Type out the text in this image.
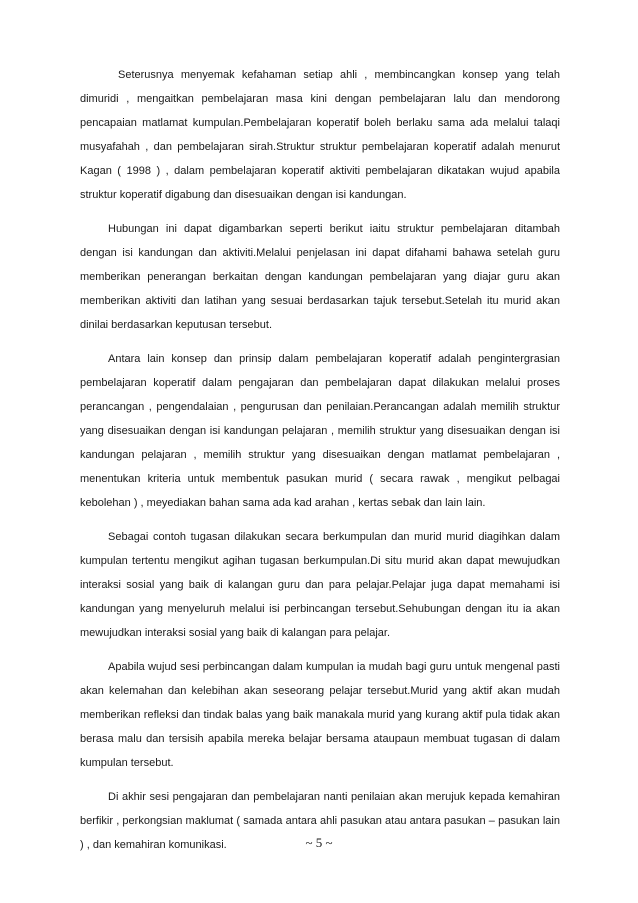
Seterusnya menyemak kefahaman setiap ahli , membincangkan konsep yang telah dimuridi , mengaitkan pembelajaran masa kini dengan pembelajaran lalu dan mendorong pencapaian matlamat kumpulan.Pembelajaran koperatif boleh berlaku sama ada melalui talaqi musyafahah , dan pembelajaran sirah.Struktur struktur pembelajaran koperatif adalah menurut Kagan ( 1998 ) , dalam pembelajaran koperatif aktiviti pembelajaran dikatakan wujud apabila struktur koperatif digabung dan disesuaikan dengan isi kandungan.

Hubungan ini dapat digambarkan seperti berikut iaitu struktur pembelajaran ditambah dengan isi kandungan dan aktiviti.Melalui penjelasan ini dapat difahami bahawa setelah guru memberikan penerangan berkaitan dengan kandungan pembelajaran yang diajar guru akan memberikan aktiviti dan latihan yang sesuai berdasarkan tajuk tersebut.Setelah itu murid akan dinilai berdasarkan keputusan tersebut.

Antara lain konsep dan prinsip dalam pembelajaran koperatif adalah pengintergrasian pembelajaran koperatif dalam pengajaran dan pembelajaran dapat dilakukan melalui proses perancangan , pengendalaian , pengurusan dan penilaian.Perancangan adalah memilih struktur yang disesuaikan dengan isi kandungan pelajaran , memilih struktur yang disesuaikan dengan isi kandungan pelajaran , memilih struktur yang disesuaikan dengan matlamat pembelajaran , menentukan kriteria untuk membentuk pasukan murid ( secara rawak , mengikut pelbagai kebolehan ) , meyediakan bahan sama ada kad arahan , kertas sebak dan lain lain.

Sebagai contoh tugasan dilakukan secara berkumpulan dan murid murid diagihkan dalam kumpulan tertentu mengikut agihan tugasan berkumpulan.Di situ murid akan dapat mewujudkan interaksi sosial yang baik di kalangan guru dan para pelajar.Pelajar juga dapat memahami isi kandungan yang menyeluruh melalui isi perbincangan tersebut.Sehubungan dengan itu ia akan mewujudkan interaksi sosial yang baik di kalangan para pelajar.

Apabila wujud sesi perbincangan dalam kumpulan ia mudah bagi guru untuk mengenal pasti akan kelemahan dan kelebihan akan seseorang pelajar tersebut.Murid yang aktif akan mudah memberikan refleksi dan tindak balas yang baik manakala murid yang kurang aktif pula tidak akan berasa malu dan tersisih apabila mereka belajar bersama ataupaun membuat tugasan di dalam kumpulan tersebut.

Di akhir sesi pengajaran dan pembelajaran nanti penilaian akan merujuk kepada kemahiran berfikir , perkongsian maklumat ( samada antara ahli pasukan atau antara pasukan – pasukan lain ) , dan kemahiran komunikasi.	~ 5 ~
